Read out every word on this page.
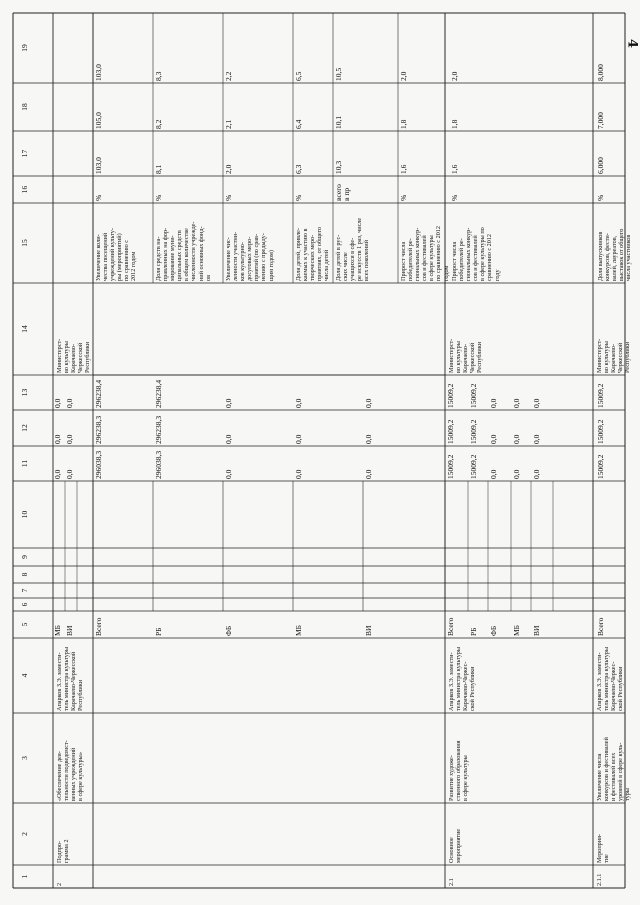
4
1
2
3
4
5
6
7
8
9
10
11
12
13
14
15
16
17
18
19
2
Подпро-
грамма 2
«Обеспечение дея-
тельности подведомст-
венных учреждений
в сфере культуры»
Апарков З.Э. замести-
тель министра культуры
Карачаево-Черкесской
Республики
Министерст-
во культуры
Карачаево-
Черкесской
Республики
Всего
296038,3
296238,3
296238,4
РБ
296038,3
296238,3
296238,4
ФБ
0,0
0,0
0,0
МБ
0,0
0,0
0,0
ВИ
0,0
0,0
0,0
МБ
0,0
0,0
0,0
ВИ
0,0
0,0
0,0
Увеличение коли-
чества посещений
учреждений культу-
ры (мероприятий)
по сравнению с
2012 годом
%
103,0
105,0
103,0
Доля средств на-
правленных на фор-
мирование муни-
ципальных средств
в общем количестве
численности учрежде-
ний основных фонд-
ов
%
8,1
8,2
8,3
Увеличение чис-
ленности участни-
ков культурно-
досуговых меро-
приятий (по срав-
нению с предыду-
щим годом)
%
2,0
2,1
2,2
Доля детей, привле-
каемых к участию в
творческих меро-
приятиях, от общего
числа детей
%
6,3
6,4
6,5
Доля детей в рус-
ских числе
учащихся в сфе-
ре искусств 1 раз, числе
всех поколений
всего
в пр
10,3
10,1
10,5
Прирост числа
победителей ре-
гиональных конкур-
сов и фестивалей
в сфере культуры
по сравнению с 2012
годом
%
1,6
1,8
2,0
2.1
Основное
мероприятие
Развитие художе-
ственного образования
в сфере культуры
Апарков З.Э. замести-
тель министра культуры
Карачаево-Черкес-
ской Республики
Министерст-
во культуры
Карачаево-
Черкесской
Республики
Всего
15009,2
15009,2
15009,2
РБ
15009,2
15009,2
15009,2
ФБ
0,0
0,0
0,0
МБ
0,0
0,0
0,0
ВИ
0,0
0,0
0,0
Прирост числа
победителей ре-
гиональных конкур-
сов и фестивалей
в сфере культуры по
сравнению с 2012
году
%
1,6
1,8
2,0
2.1.1
Мероприя-
тие
Увеличение числа
конкурсов и фестивалей
и фестивалей всех
уровней в сфере куль-
туры
Апарков З.Э. замести-
тель министра культуры
Карачаево-Черкес-
ской Республики
Министерст-
во культуры
Карачаево-
Черкесской
Республики
Всего
15009,2
15009,2
15009,2
Доля выпускников
конкурсов, фести-
валей, лауреатов,
выставок от общего
числа участников
%
6,000
7,000
8,000
